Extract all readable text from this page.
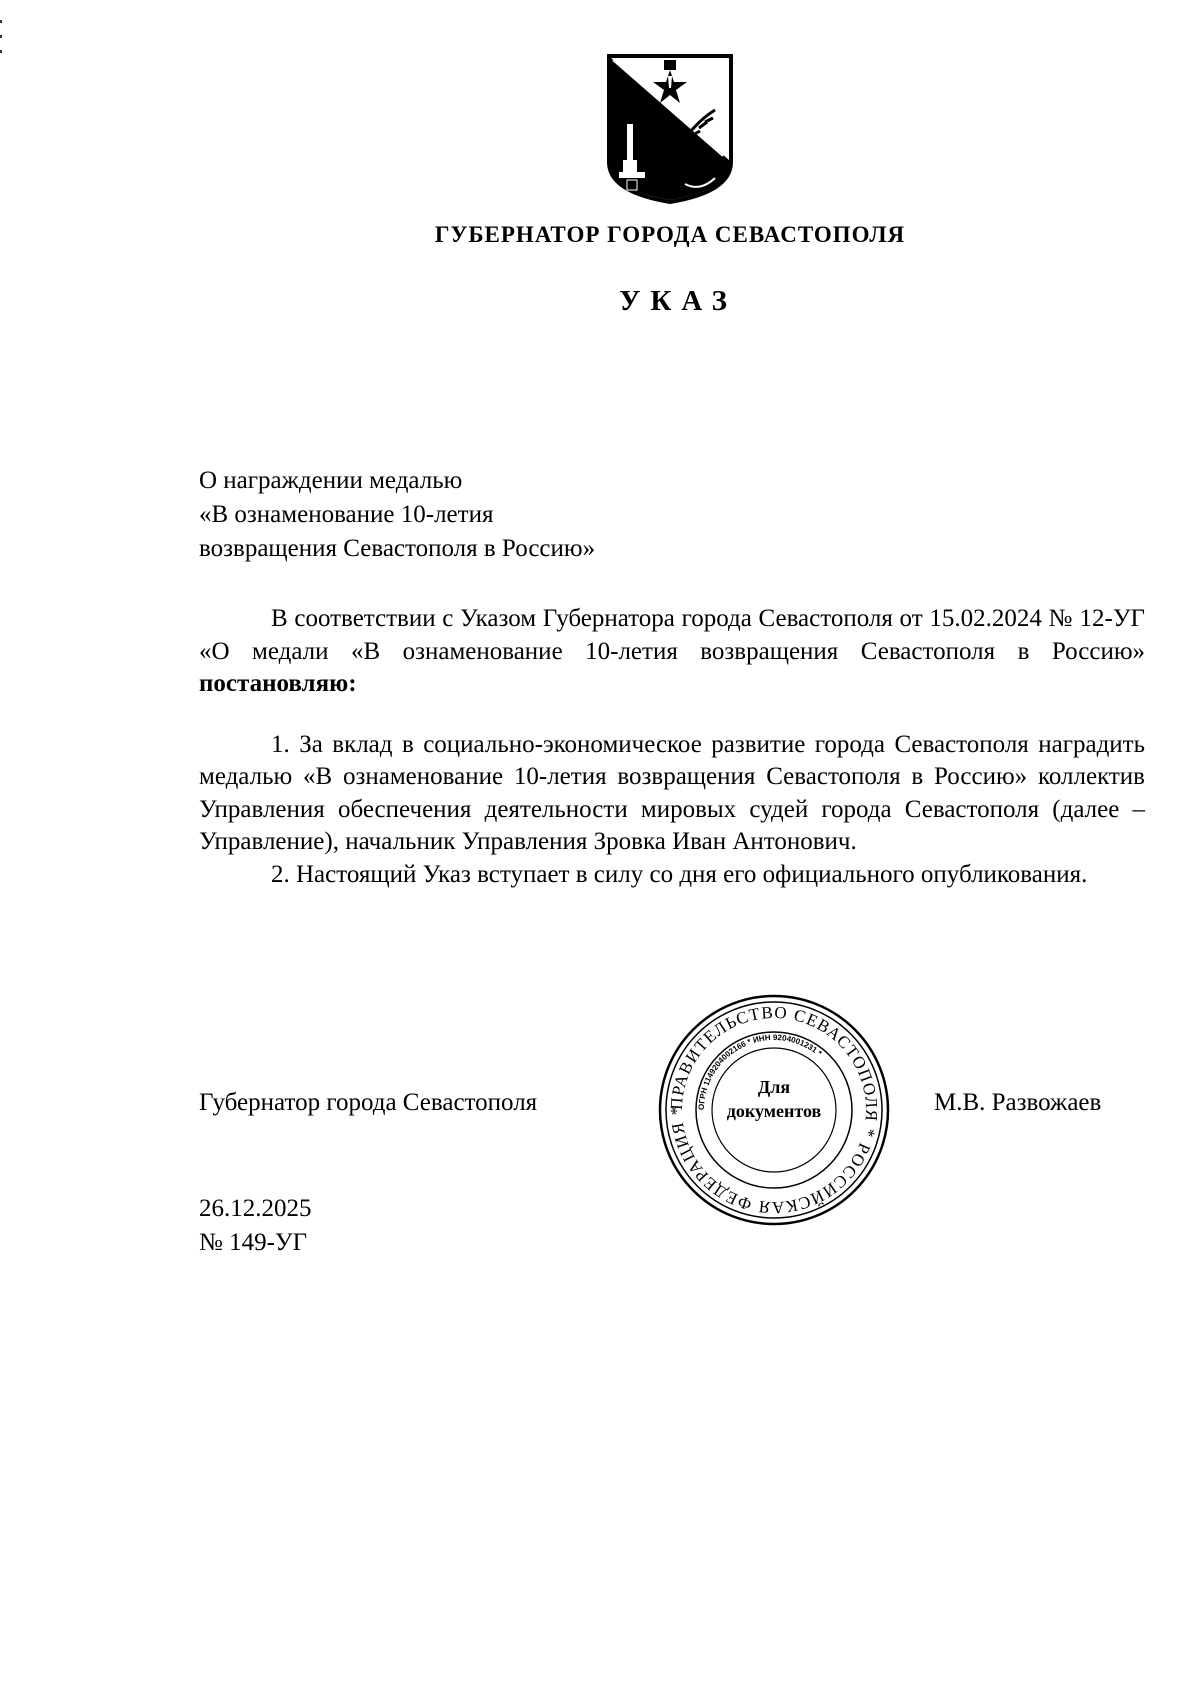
ГУБЕРНАТОР ГОРОДА СЕВАСТОПОЛЯ
УКАЗ
О награждении медалью
«В ознаменование 10-летия
возвращения Севастополя в Россию»

В соответствии с Указом Губернатора города Севастополя от 15.02.2024 № 12-УГ «О медали «В ознаменование 10-летия возвращения Севастополя в Россию» постановляю:

1. За вклад в социально-экономическое развитие города Севастополя наградить медалью «В ознаменование 10-летия возвращения Севастополя в Россию» коллектив Управления обеспечения деятельности мировых судей города Севастополя (далее – Управление), начальник Управления Зровка Иван Антонович.

2. Настоящий Указ вступает в силу со дня его официального опубликования.

Губернатор города Севастополя	М.В. Развожаев
ПРАВИТЕЛЬСТВО СЕВАСТОПОЛЯ * РОССИЙСКАЯ ФЕДЕРАЦИЯ *	ОГРН 1149204002166 * ИНН 9204001231 *
Для
документов
26.12.2025
№ 149-УГ
